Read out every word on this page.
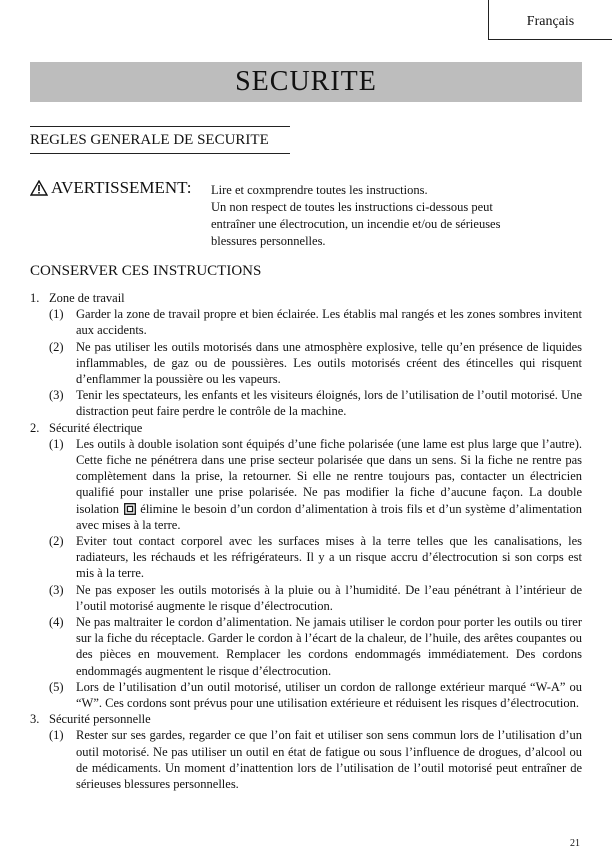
Français
SECURITE
REGLES GENERALE DE SECURITE
AVERTISSEMENT: Lire et coxmprendre toutes les instructions.
Un non respect de toutes les instructions ci-dessous peut
entraîner une électrocution, un incendie et/ou de sérieuses
blessures personnelles.
CONSERVER CES INSTRUCTIONS
1. Zone de travail
(1) Garder la zone de travail propre et bien éclairée. Les établis mal rangés et les zones sombres invitent aux accidents.
(2) Ne pas utiliser les outils motorisés dans une atmosphère explosive, telle qu’en présence de liquides inflammables, de gaz ou de poussières. Les outils motorisés créent des étincelles qui risquent d’enflammer la poussière ou les vapeurs.
(3) Tenir les spectateurs, les enfants et les visiteurs éloignés, lors de l’utilisation de l’outil motorisé. Une distraction peut faire perdre le contrôle de la machine.
2. Sécurité électrique
(1) Les outils à double isolation sont équipés d’une fiche polarisée (une lame est plus large que l’autre). Cette fiche ne pénétrera dans une prise secteur polarisée que dans un sens. Si la fiche ne rentre pas complètement dans la prise, la retourner. Si elle ne rentre toujours pas, contacter un électricien qualifié pour installer une prise polarisée. Ne pas modifier la fiche d’aucune façon. La double isolation élimine le besoin d’un cordon d’alimentation à trois fils et d’un système d’alimentation avec mises à la terre.
(2) Eviter tout contact corporel avec les surfaces mises à la terre telles que les canalisations, les radiateurs, les réchauds et les réfrigérateurs. Il y a un risque accru d’électrocution si son corps est mis à la terre.
(3) Ne pas exposer les outils motorisés à la pluie ou à l’humidité. De l’eau pénétrant à l’intérieur de l’outil motorisé augmente le risque d’électrocution.
(4) Ne pas maltraiter le cordon d’alimentation. Ne jamais utiliser le cordon pour porter les outils ou tirer sur la fiche du réceptacle. Garder le cordon à l’écart de la chaleur, de l’huile, des arêtes coupantes ou des pièces en mouvement. Remplacer les cordons endommagés immédiatement. Des cordons endommagés augmentent le risque d’électrocution.
(5) Lors de l’utilisation d’un outil motorisé, utiliser un cordon de rallonge extérieur marqué “W-A” ou “W”. Ces cordons sont prévus pour une utilisation extérieure et réduisent les risques d’électrocution.
3. Sécurité personnelle
(1) Rester sur ses gardes, regarder ce que l’on fait et utiliser son sens commun lors de l’utilisation d’un outil motorisé. Ne pas utiliser un outil en état de fatigue ou sous l’influence de drogues, d’alcool ou de médicaments. Un moment d’inattention lors de l’utilisation de l’outil motorisé peut entraîner de sérieuses blessures personnelles.
21
